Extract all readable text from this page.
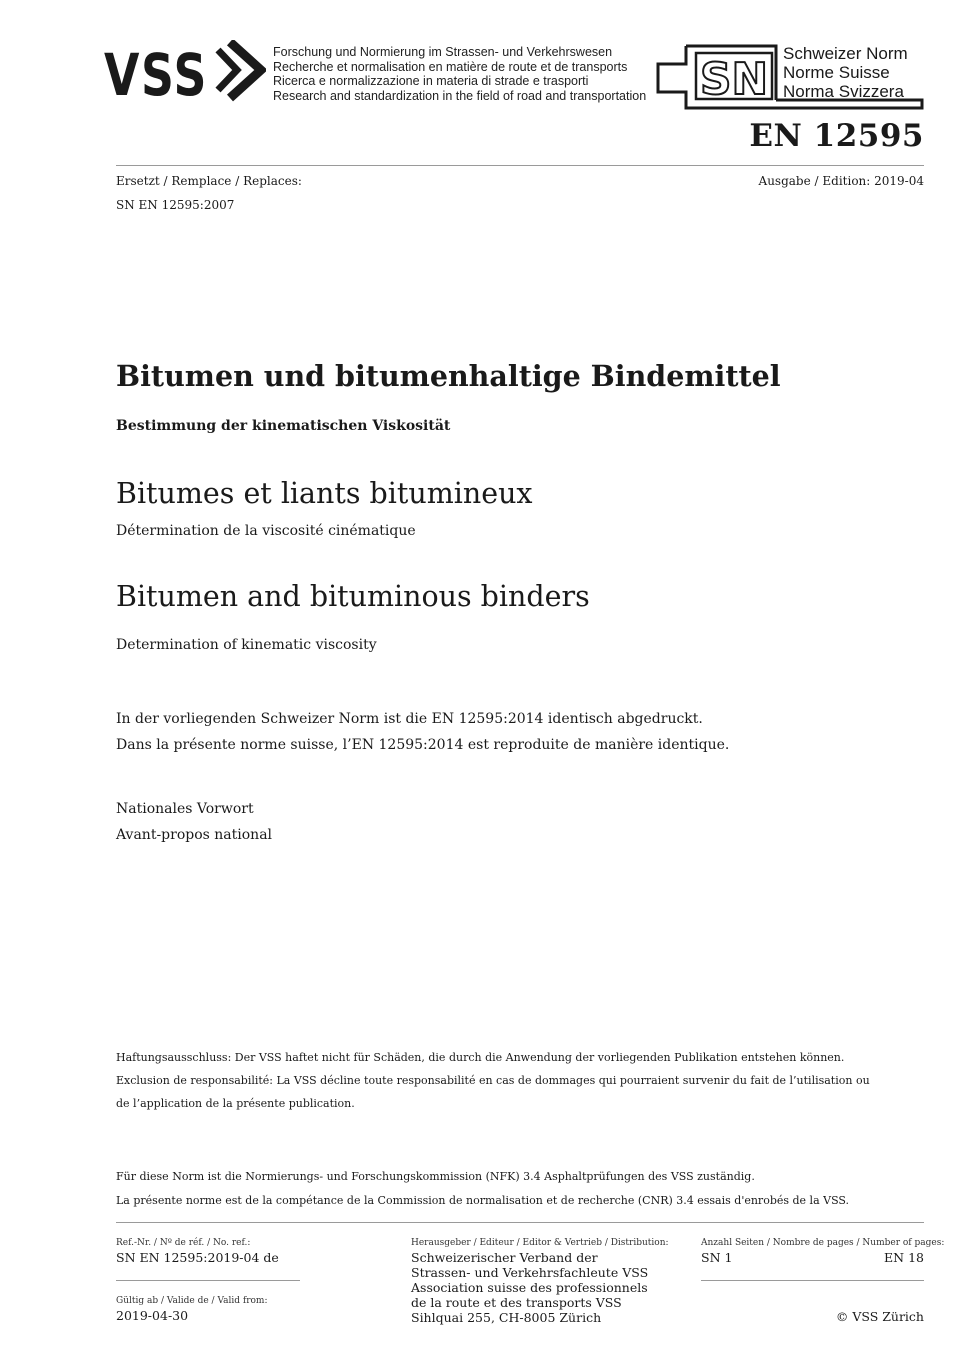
VSS	Forschung und Normierung im Strassen- und Verkehrswesen
Recherche et normalisation en matière de route et de transports
Ricerca e normalizzazione in materia di strade e trasporti
Research and standardization in the field of road and transportation SN
Schweizer Norm
Norme Suisse
Norma Svizzera
EN 12595
Ersetzt / Remplace / Replaces:
SN EN 12595:2007
Ausgabe / Edition: 2019-04
Bitumen und bitumenhaltige Bindemittel
Bestimmung der kinematischen Viskosität
Bitumes et liants bitumineux
Détermination de la viscosité cinématique
Bitumen and bituminous binders
Determination of kinematic viscosity
In der vorliegenden Schweizer Norm ist die EN 12595:2014 identisch abgedruckt.
Dans la présente norme suisse, l’EN 12595:2014 est reproduite de manière identique.
Nationales Vorwort
Avant-propos national
Haftungsausschluss: Der VSS haftet nicht für Schäden, die durch die Anwendung der vorliegenden Publikation entstehen können.
Exclusion de responsabilité: La VSS décline toute responsabilité en cas de dommages qui pourraient survenir du fait de l’utilisation ou
de l’application de la présente publication.
Für diese Norm ist die Normierungs- und Forschungskommission (NFK) 3.4 Asphaltprüfungen des VSS zuständig.
La présente norme est de la compétance de la Commission de normalisation et de recherche (CNR) 3.4 essais d'enrobés de la VSS.
Ref.-Nr. / Nº de réf. / No. ref.:
SN EN 12595:2019-04 de
Gültig ab / Valide de / Valid from:
2019-04-30
Herausgeber / Editeur / Editor & Vertrieb / Distribution:
Schweizerischer Verband der
Strassen- und Verkehrsfachleute VSS
Association suisse des professionnels
de la route et des transports VSS
Sihlquai 255, CH-8005 Zürich
Anzahl Seiten / Nombre de pages / Number of pages:
SN 1	EN 18
© VSS Zürich
